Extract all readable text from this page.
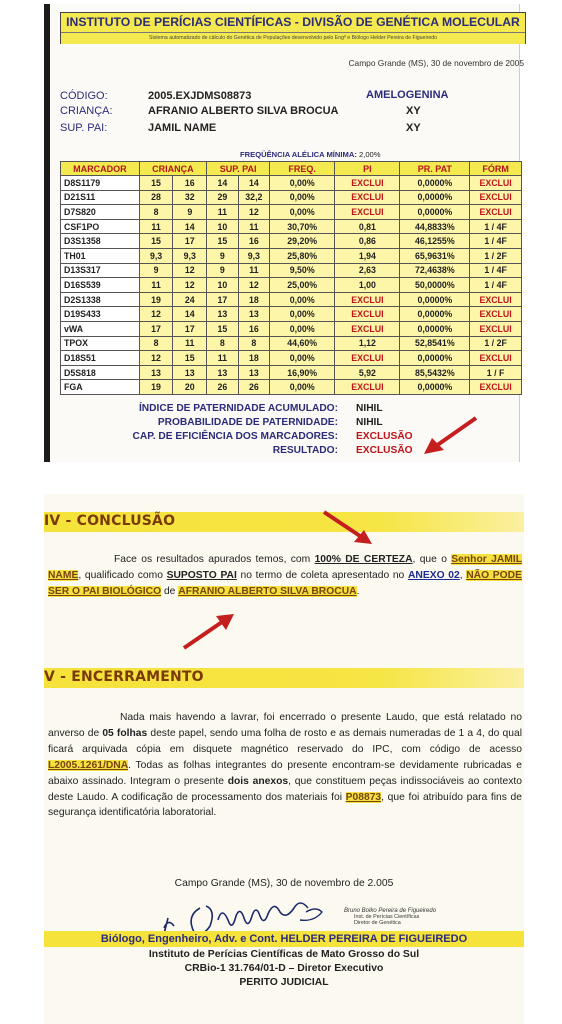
INSTITUTO DE PERÍCIAS CIENTÍFICAS - DIVISÃO DE GENÉTICA MOLECULAR
Sistema automatizado de cálculo do Genética de Populações desenvolvido pelo Engº e Biólogo Helder Pereira de Figueiredo
Campo Grande (MS), 30 de novembro de 2005
CÓDIGO:	2005.EXJDMS08873	AMELOGENINA
CRIANÇA:	AFRANIO ALBERTO SILVA BROCUA	XY
SUP. PAI:	JAMIL NAME	XY
FREQÜÊNCIA ALÉLICA MÍNIMA: 2,00%
MARCADOR	CRIANÇA		SUP. PAI		FREQ.	PI	PR. PAT	FÓRM
D8S1179	15	16	14	14	0,00%	EXCLUI	0,0000%	EXCLUI
D21S11	28	32	29	32,2	0,00%	EXCLUI	0,0000%	EXCLUI
D7S820	8	9	11	12	0,00%	EXCLUI	0,0000%	EXCLUI
CSF1PO	11	14	10	11	30,70%	0,81	44,8833%	1 / 4F
D3S1358	15	17	15	16	29,20%	0,86	46,1255%	1 / 4F
TH01	9,3	9,3	9	9,3	25,80%	1,94	65,9631%	1 / 2F
D13S317	9	12	9	11	9,50%	2,63	72,4638%	1 / 4F
D16S539	11	12	10	12	25,00%	1,00	50,0000%	1 / 4F
D2S1338	19	24	17	18	0,00%	EXCLUI	0,0000%	EXCLUI
D19S433	12	14	13	13	0,00%	EXCLUI	0,0000%	EXCLUI
vWA	17	17	15	16	0,00%	EXCLUI	0,0000%	EXCLUI
TPOX	8	11	8	8	44,60%	1,12	52,8541%	1 / 2F
D18S51	12	15	11	18	0,00%	EXCLUI	0,0000%	EXCLUI
D5S818	13	13	13	13	16,90%	5,92	85,5432%	1 / F
FGA	19	20	26	26	0,00%	EXCLUI	0,0000%	EXCLUI
ÍNDICE DE PATERNIDADE ACUMULADO: NIHIL
PROBABILIDADE DE PATERNIDADE: NIHIL
CAP. DE EFICIÊNCIA DOS MARCADORES: EXCLUSÃO
RESULTADO: EXCLUSÃO
IV - CONCLUSÃO
Face os resultados apurados temos, com 100% DE CERTEZA, que o Senhor JAMIL NAME, qualificado como SUPOSTO PAI no termo de coleta apresentado no ANEXO 02, NÃO PODE SER O PAI BIOLÓGICO de AFRANIO ALBERTO SILVA BROCUA.
V - ENCERRAMENTO
Nada mais havendo a lavrar, foi encerrado o presente Laudo, que está relatado no anverso de 05 folhas deste papel, sendo uma folha de rosto e as demais numeradas de 1 a 4, do qual ficará arquivada cópia em disquete magnético reservado do IPC, com código de acesso L2005.1261/DNA. Todas as folhas integrantes do presente encontram-se devidamente rubricadas e abaixo assinado. Integram o presente dois anexos, que constituem peças indissociáveis ao contexto deste Laudo. A codificação de processamento dos materiais foi P08873, que foi atribuído para fins de segurança identificatória laboratorial.
Campo Grande (MS), 30 de novembro de 2.005
Bruno Bolko Pereira de Figueiredo
Inst. de Perícias Científicas
Diretor de Genética
Biólogo, Engenheiro, Adv. e Cont. HELDER PEREIRA DE FIGUEIREDO
Instituto de Perícias Científicas de Mato Grosso do Sul
CRBio-1 31.764/01-D – Diretor Executivo
PERITO JUDICIAL
